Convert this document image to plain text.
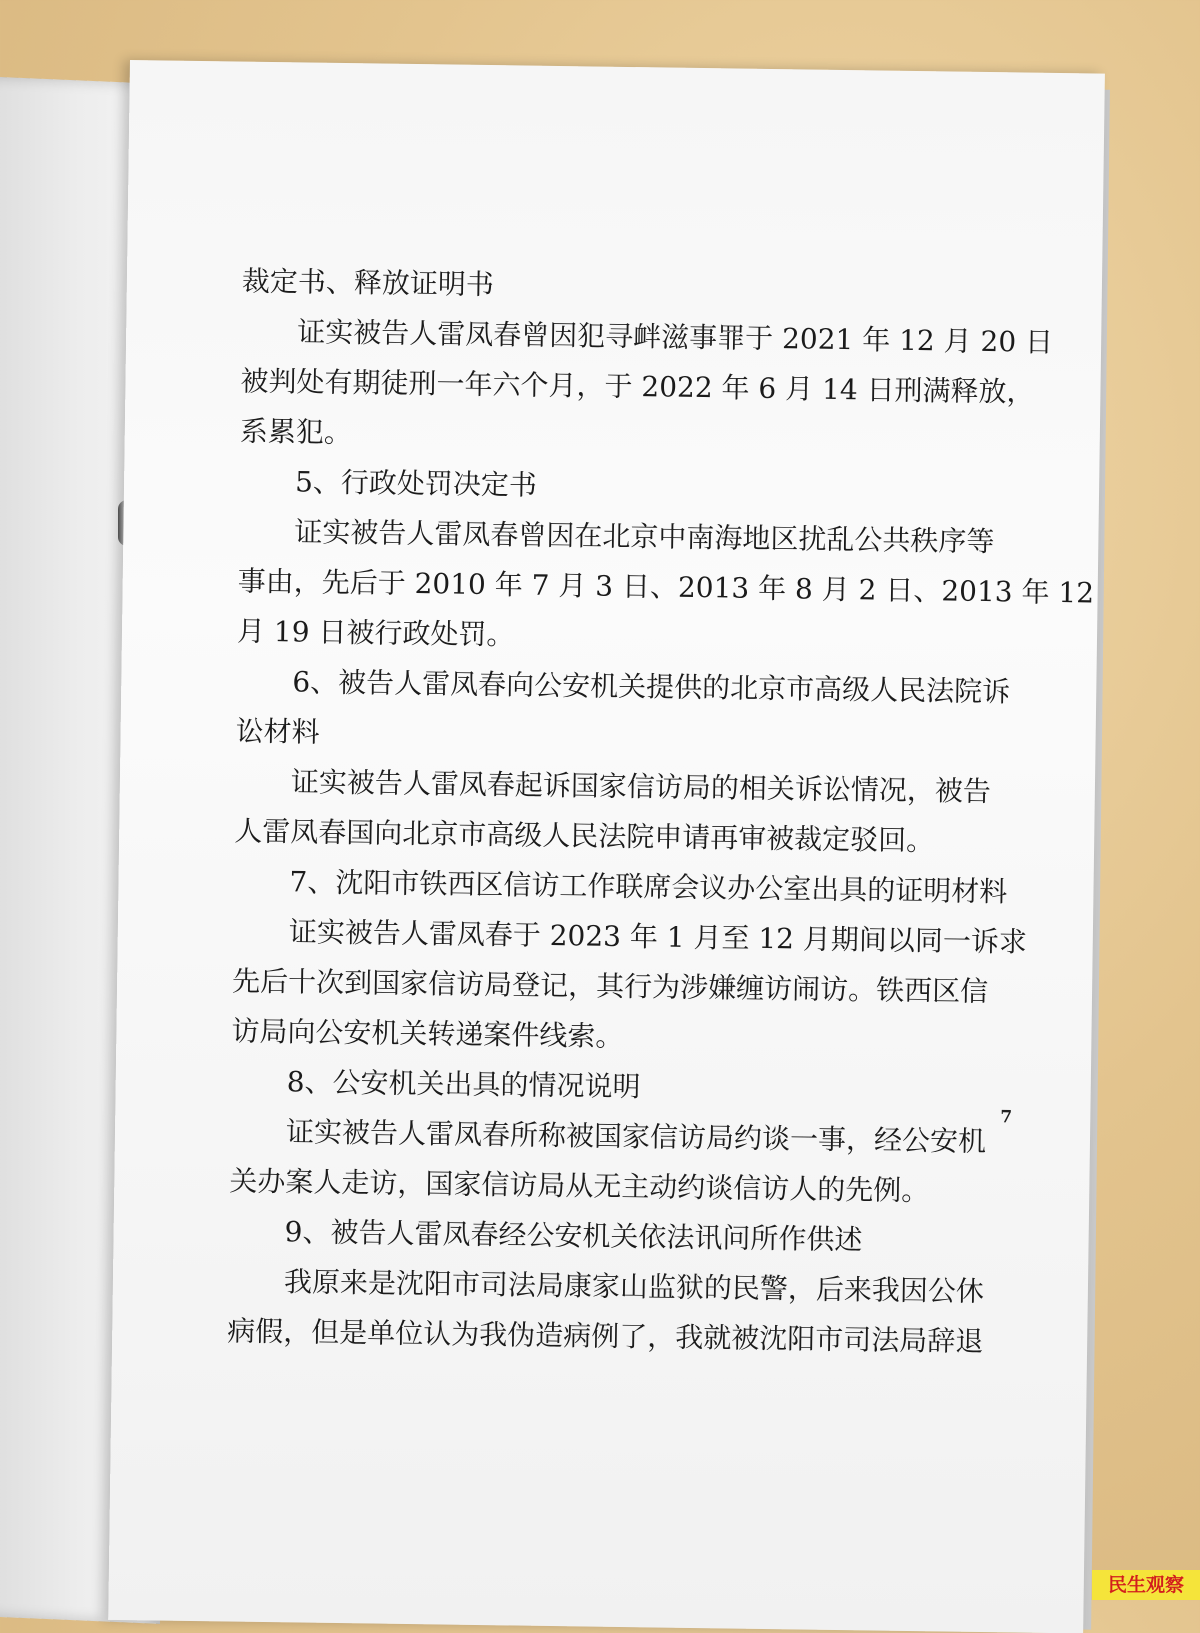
裁定书、释放证明书
证实被告人雷凤春曾因犯寻衅滋事罪于 2021 年 12 月 20 日
被判处有期徒刑一年六个月，于 2022 年 6 月 14 日刑满释放，
系累犯。
5、行政处罚决定书
证实被告人雷凤春曾因在北京中南海地区扰乱公共秩序等
事由，先后于 2010 年 7 月 3 日、2013 年 8 月 2 日、2013 年 12
月 19 日被行政处罚。
6、被告人雷凤春向公安机关提供的北京市高级人民法院诉
讼材料
证实被告人雷凤春起诉国家信访局的相关诉讼情况，被告
人雷凤春国向北京市高级人民法院申请再审被裁定驳回。
7、沈阳市铁西区信访工作联席会议办公室出具的证明材料
证实被告人雷凤春于 2023 年 1 月至 12 月期间以同一诉求
先后十次到国家信访局登记，其行为涉嫌缠访闹访。铁西区信
访局向公安机关转递案件线索。
8、公安机关出具的情况说明
证实被告人雷凤春所称被国家信访局约谈一事，经公安机
关办案人走访，国家信访局从无主动约谈信访人的先例。
9、被告人雷凤春经公安机关依法讯问所作供述
我原来是沈阳市司法局康家山监狱的民警，后来我因公休
病假，但是单位认为我伪造病例了，我就被沈阳市司法局辞退
7
民生观察
